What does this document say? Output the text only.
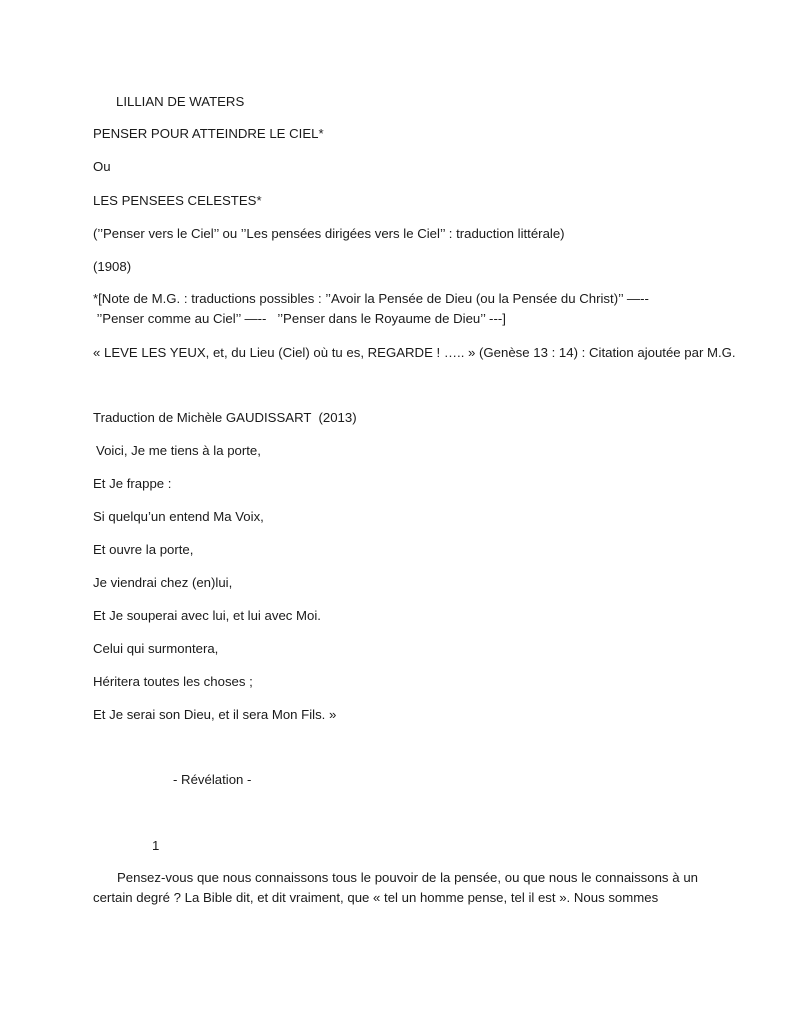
LILLIAN DE WATERS
PENSER POUR ATTEINDRE LE CIEL*
Ou
LES PENSEES CELESTES*
(’’Penser vers le Ciel’’ ou ’’Les pensées dirigées vers le Ciel’’ : traduction littérale)
(1908)
*[Note de M.G. : traductions possibles : ’’Avoir la Pensée de Dieu (ou la Pensée du Christ)’’ —--  ’’Penser comme au Ciel’’ —--   ’’Penser dans le Royaume de Dieu’’ ---]
« LEVE LES YEUX, et, du Lieu (Ciel) où tu es, REGARDE ! ….. » (Genèse 13 : 14) : Citation ajoutée par M.G.
Traduction de Michèle GAUDISSART  (2013)
Voici, Je me tiens à la porte,
Et Je frappe :
Si quelqu’un entend Ma Voix,
Et ouvre la porte,
Je viendrai chez (en)lui,
Et Je souperai avec lui, et lui avec Moi.
Celui qui surmontera,
Héritera toutes les choses ;
Et Je serai son Dieu, et il sera Mon Fils. »
- Révélation -
1
Pensez-vous que nous connaissons tous le pouvoir de la pensée, ou que nous le connaissons à un certain degré ? La Bible dit, et dit vraiment, que « tel un homme pense, tel il est ». Nous sommes
